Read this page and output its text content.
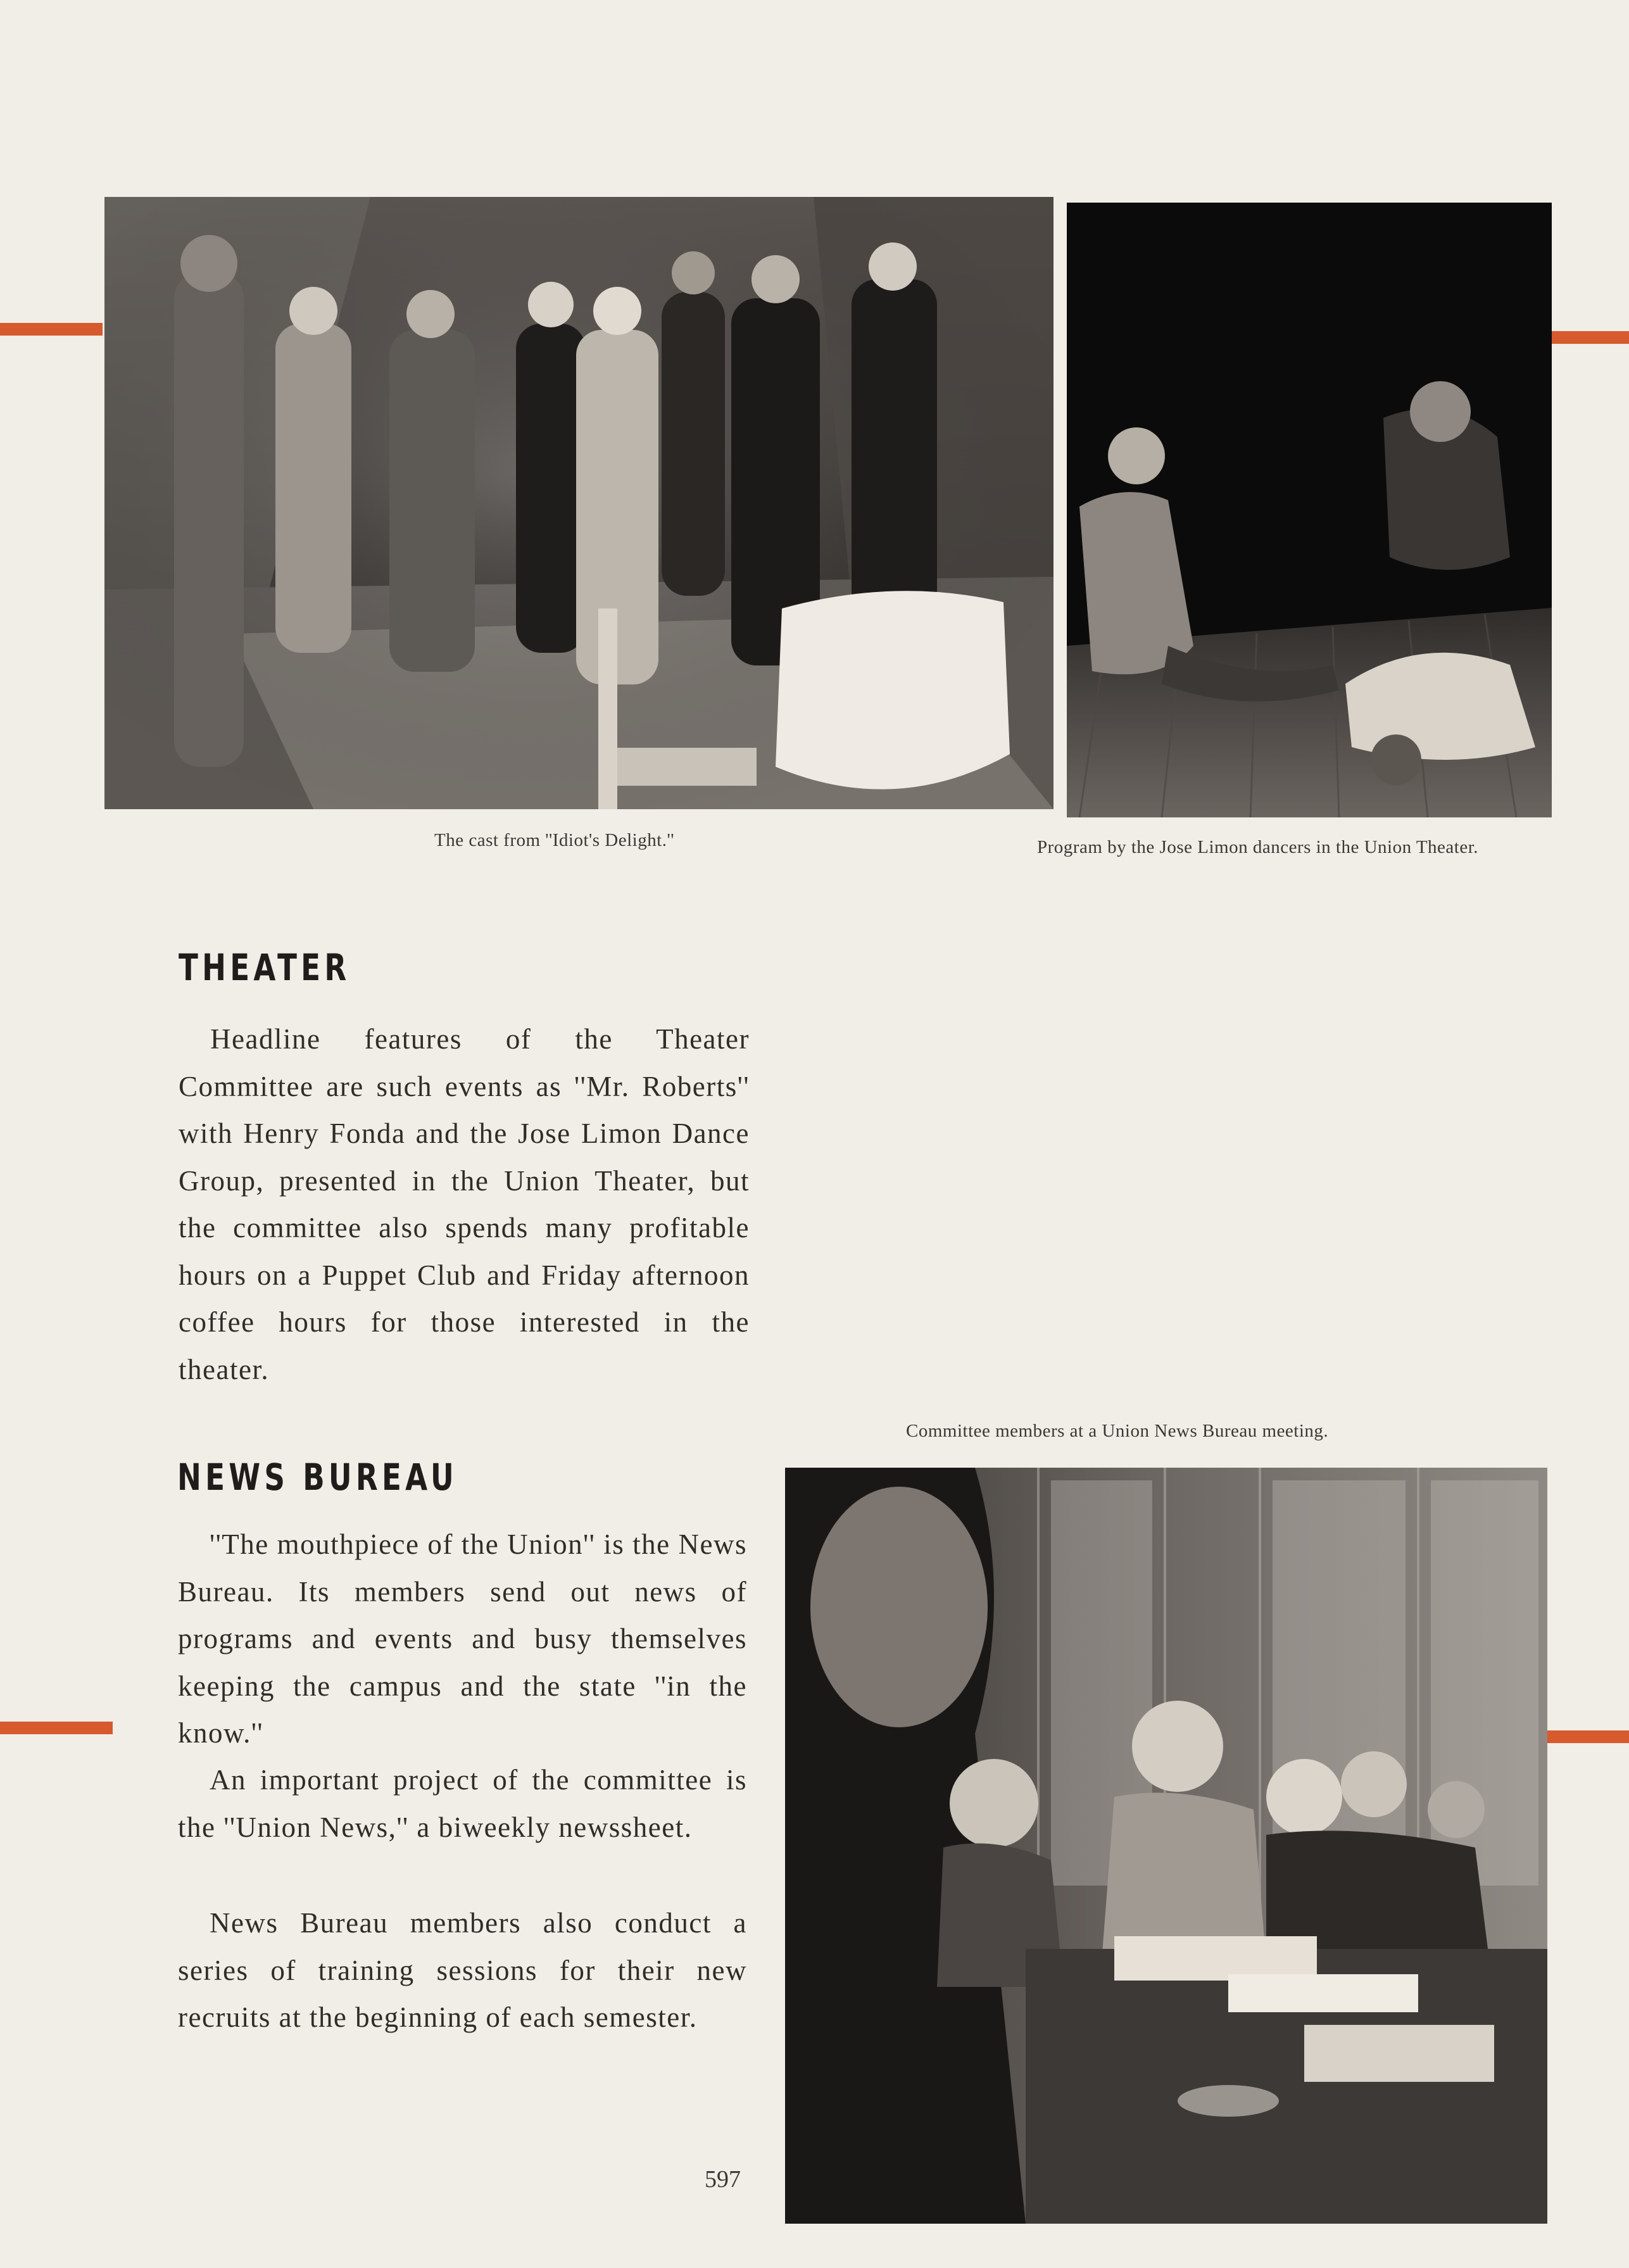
The cast from ''Idiot's Delight.''	Program by the Jose Limon dancers in the Union Theater.
THEATER

Headline features of the Theater Committee are such events as ''Mr. Roberts'' with Henry Fonda and the Jose Limon Dance Group, presented in the Union Theater, but the committee also spends many profitable hours on a Puppet Club and Friday afternoon coffee hours for those interested in the theater.

Committee members at a Union News Bureau meeting.
NEWS BUREAU

''The mouthpiece of the Union'' is the News Bureau. Its members send out news of programs and events and busy themselves keeping the campus and the state ''in the know.''

An important project of the committee is the ''Union News,'' a biweekly newssheet.

News Bureau members also conduct a series of training sessions for their new recruits at the beginning of each semester.

597
